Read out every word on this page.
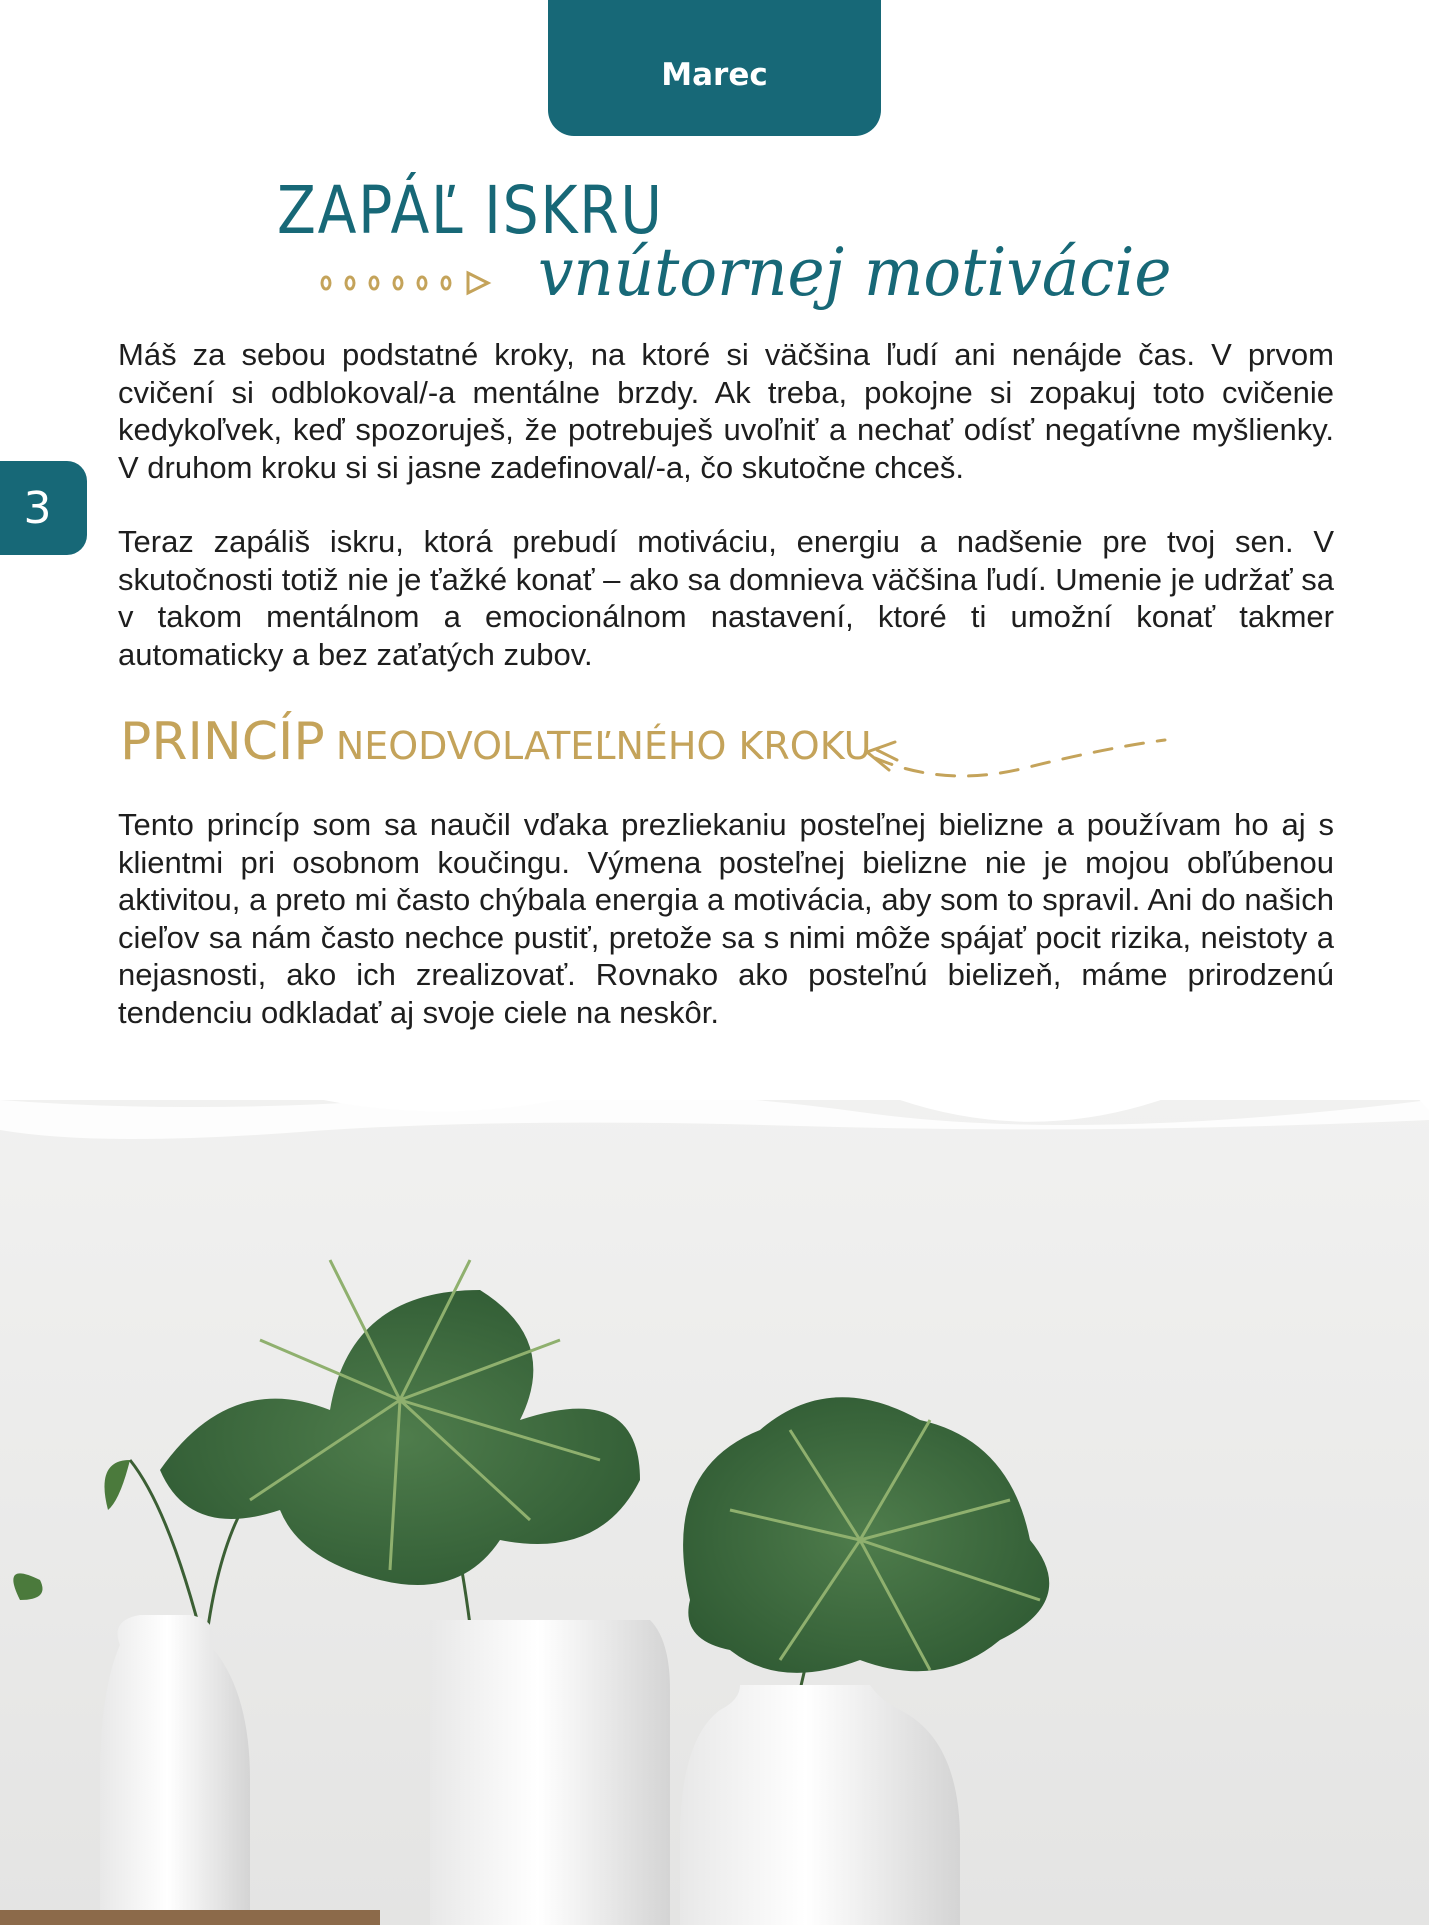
Marec
3
ZAPÁĽ ISKRU
vnútornej motivácie

Máš za sebou podstatné kroky, na ktoré si väčšina ľudí ani nenájde čas. V prvom cvičení si odblokoval/-a mentálne brzdy. Ak treba, pokojne si zopakuj toto cvičenie kedykoľvek, keď spozoruješ, že potrebuješ uvoľniť a nechať odísť negatívne myšlienky. V druhom kroku si si jasne zadefinoval/-a, čo skutočne chceš.

Teraz zapáliš iskru, ktorá prebudí motiváciu, energiu a nadšenie pre tvoj sen. V skutočnosti totiž nie je ťažké konať – ako sa domnieva väčšina ľudí. Umenie je udržať sa v takom mentálnom a emocionálnom nastavení, ktoré ti umožní konať takmer automaticky a bez zaťatých zubov.

PRINCÍP NEODVOLATEĽNÉHO KROKU

Tento princíp som sa naučil vďaka prezliekaniu posteľnej bielizne a používam ho aj s klientmi pri osobnom koučingu. Výmena posteľnej bielizne nie je mojou obľúbenou aktivitou, a preto mi často chýbala energia a motivácia, aby som to spravil. Ani do našich cieľov sa nám často nechce pustiť, pretože sa s nimi môže spájať pocit rizika, neistoty a nejasnosti, ako ich zrealizovať. Rovnako ako posteľnú bielizeň, máme prirodzenú tendenciu odkladať aj svoje ciele na neskôr.
